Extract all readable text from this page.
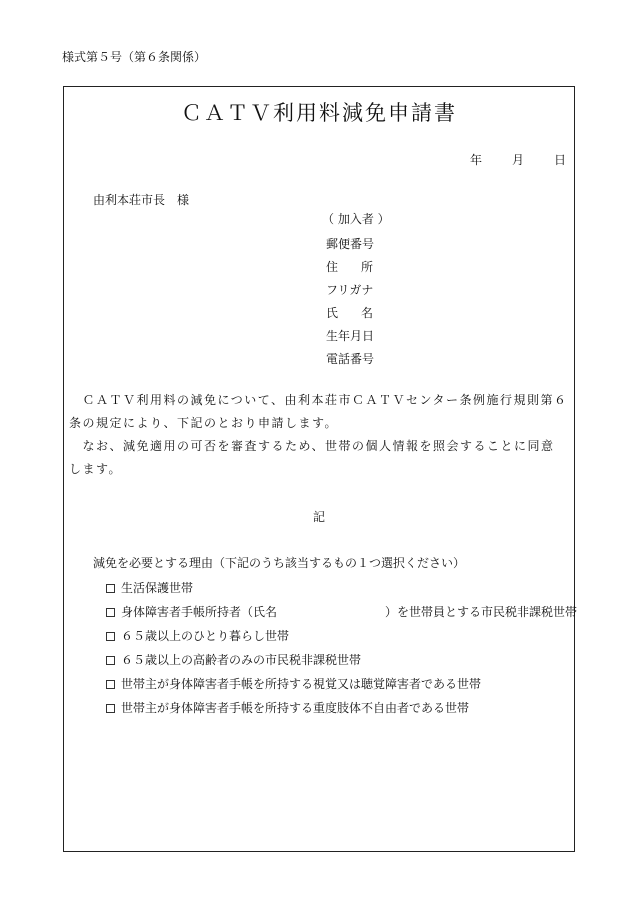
様式第５号（第６条関係）
ＣＡＴＶ利用料減免申請書
年	月	日
由利本荘市長　様
（ 加入者 ）
郵便番号
住 所
フリガナ
氏 名
生年月日
電話番号

　ＣＡＴＶ利用料の減免について、由利本荘市ＣＡＴＶセンター条例施行規則第６条の規定により、下記のとおり申請します。

　なお、減免適用の可否を審査するため、世帯の個人情報を照会することに同意します。

記
減免を必要とする理由（下記のうち該当するもの１つ選択ください）
生活保護世帯
身体障害者手帳所持者（氏名　　　　　　　　　）を世帯員とする市民税非課税世帯
６５歳以上のひとり暮らし世帯
６５歳以上の高齢者のみの市民税非課税世帯
世帯主が身体障害者手帳を所持する視覚又は聴覚障害者である世帯
世帯主が身体障害者手帳を所持する重度肢体不自由者である世帯
